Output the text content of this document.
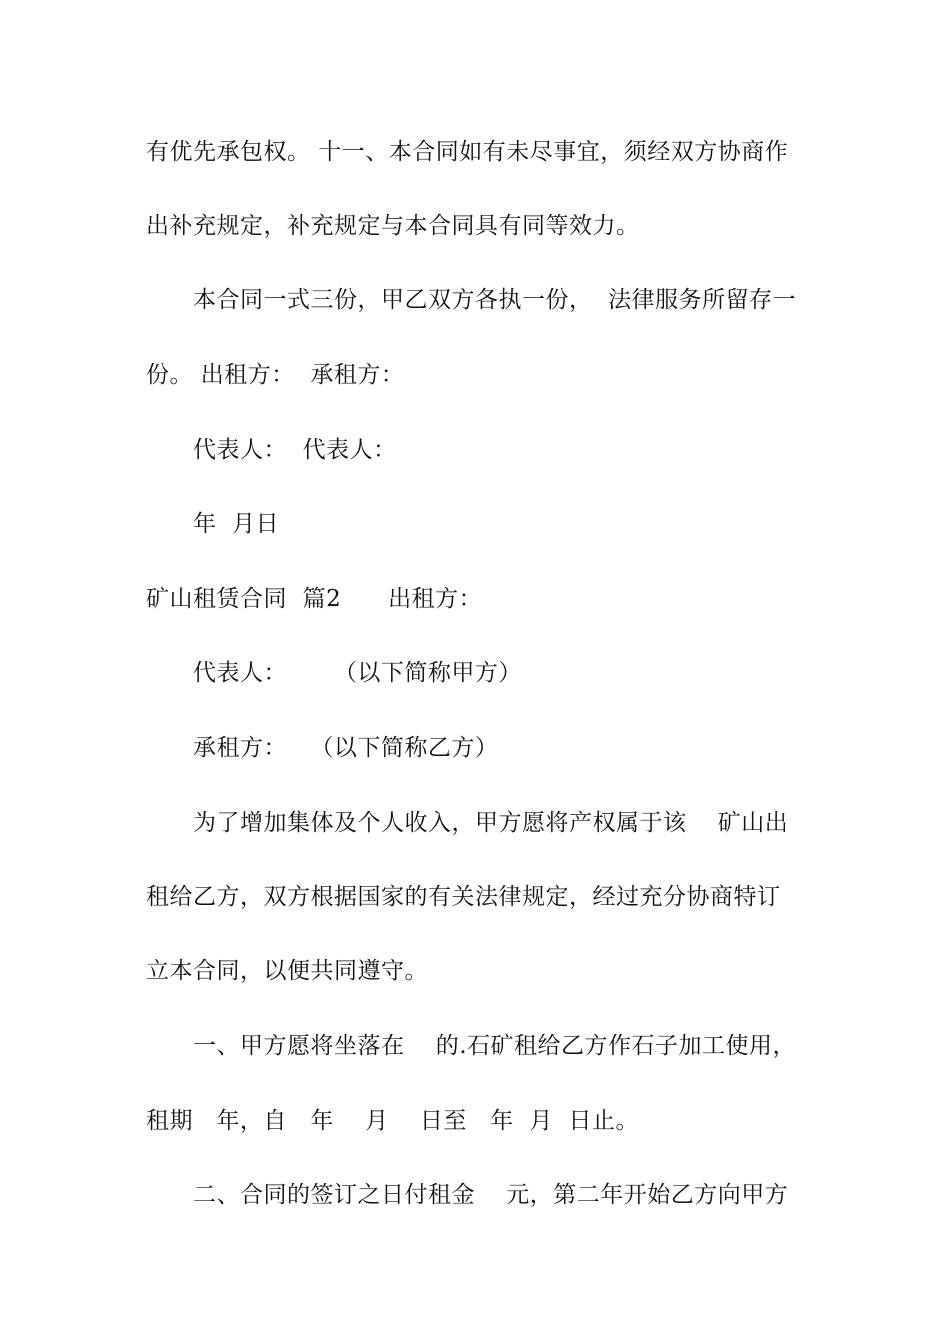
有优先承包权。 十一、本合同如有未尽事宜，须经双方协商作
出补充规定，补充规定与本合同具有同等效力。
本合同一式三份，甲乙双方各执一份，  法律服务所留存一
份。 出租方：  承租方：
代表人：  代表人：
年  月日
矿山租赁合同  篇2      出租方：
代表人：      （以下简称甲方）
承租方：   （以下简称乙方）
为了增加集体及个人收入，甲方愿将产权属于该    矿山出
租给乙方，双方根据国家的有关法律规定，经过充分协商特订
立本合同，以便共同遵守。
一、甲方愿将坐落在    的.石矿租给乙方作石子加工使用，
租期   年，自   年    月    日至   年  月  日止。
二、合同的签订之日付租金    元，第二年开始乙方向甲方
